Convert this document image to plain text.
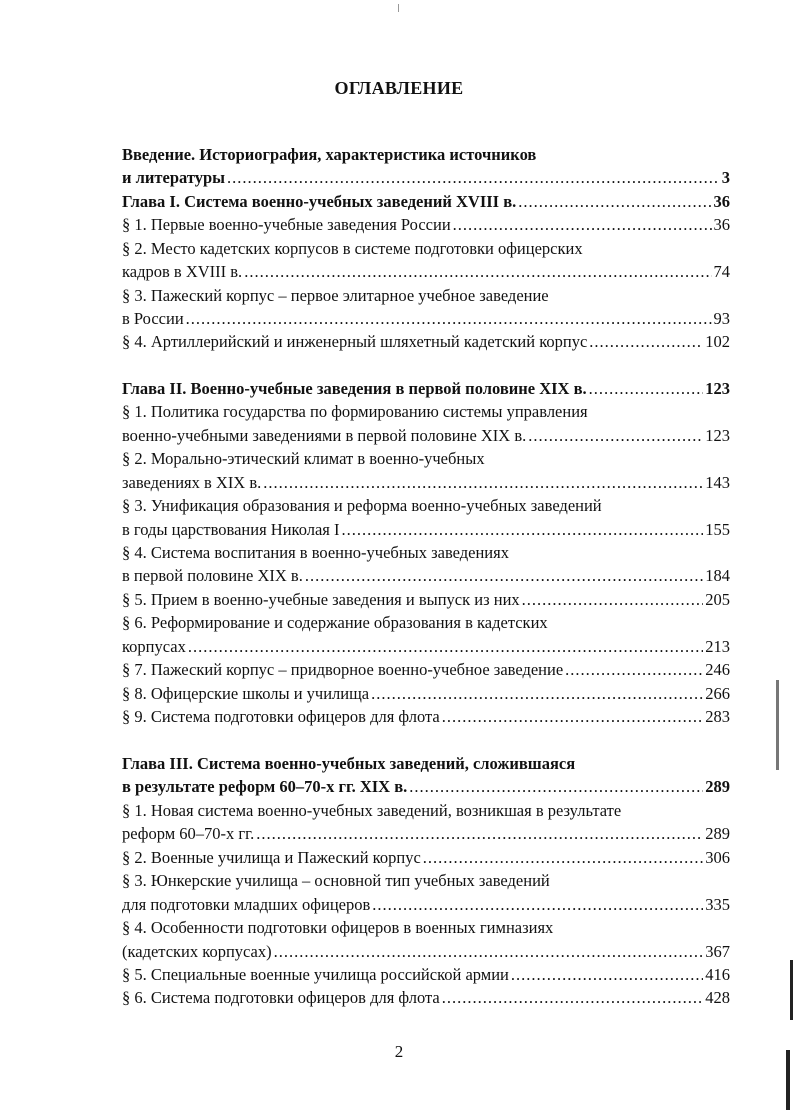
ОГЛАВЛЕНИЕ
Введение. Историография, характеристика источников
и литературы .....	3
Глава I. Система военно-учебных заведений XVIII в. .....	36
§ 1. Первые военно-учебные заведения России .....	36
§ 2. Место кадетских корпусов в системе подготовки офицерских
кадров в XVIII в. .....	74
§ 3. Пажеский корпус – первое элитарное учебное заведение
в России .....	93
§ 4. Артиллерийский и инженерный шляхетный кадетский корпус .....	102
Глава II. Военно-учебные заведения в первой половине XIX в. .....	123
§ 1. Политика государства по формированию системы управления
военно-учебными заведениями в первой половине XIX в. .....	123
§ 2. Морально-этический климат в военно-учебных
заведениях в XIX в. .....	143
§ 3. Унификация образования и реформа военно-учебных заведений
в годы царствования Николая I .....	155
§ 4. Система воспитания в военно-учебных заведениях
в первой половине XIX в. .....	184
§ 5. Прием в военно-учебные заведения и выпуск из них .....	205
§ 6. Реформирование и содержание образования в кадетских
корпусах .....	213
§ 7. Пажеский корпус – придворное военно-учебное заведение .....	246
§ 8. Офицерские школы и училища .....	266
§ 9. Система подготовки офицеров для флота .....	283
Глава III. Система военно-учебных заведений, сложившаяся
в результате реформ 60–70-х гг. XIX в. .....	289
§ 1. Новая система военно-учебных заведений, возникшая в результате
реформ 60–70-х гг. .....	289
§ 2. Военные училища и Пажеский корпус .....	306
§ 3. Юнкерские училища – основной тип учебных заведений
для подготовки младших офицеров .....	335
§ 4. Особенности подготовки офицеров в военных гимназиях
(кадетских корпусах) .....	367
§ 5. Специальные военные училища российской армии .....	416
§ 6. Система подготовки офицеров для флота .....	428
2
